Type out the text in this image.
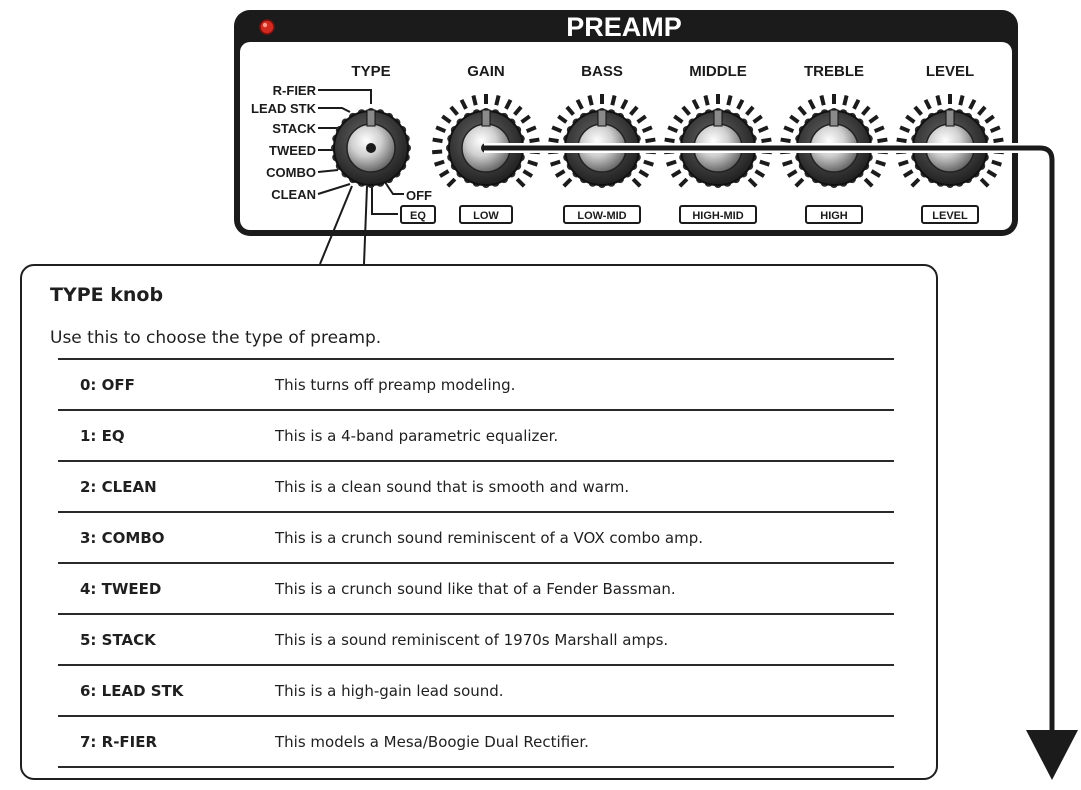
PREAMP
TYPE	GAIN	BASS	MIDDLE	TREBLE	LEVEL
R-FIER
LEAD STK
STACK
TWEED
COMBO
CLEAN	OFF
EQ	LOW	LOW-MID	HIGH-MID	HIGH	LEVEL
TYPE knob
Use this to choose the type of preamp.
0: OFF	This turns off preamp modeling.
1: EQ	This is a 4-band parametric equalizer.
2: CLEAN	This is a clean sound that is smooth and warm.
3: COMBO	This is a crunch sound reminiscent of a VOX combo amp.
4: TWEED	This is a crunch sound like that of a Fender Bassman.
5: STACK	This is a sound reminiscent of 1970s Marshall amps.
6: LEAD STK	This is a high-gain lead sound.
7: R-FIER	This models a Mesa/Boogie Dual Rectifier.
